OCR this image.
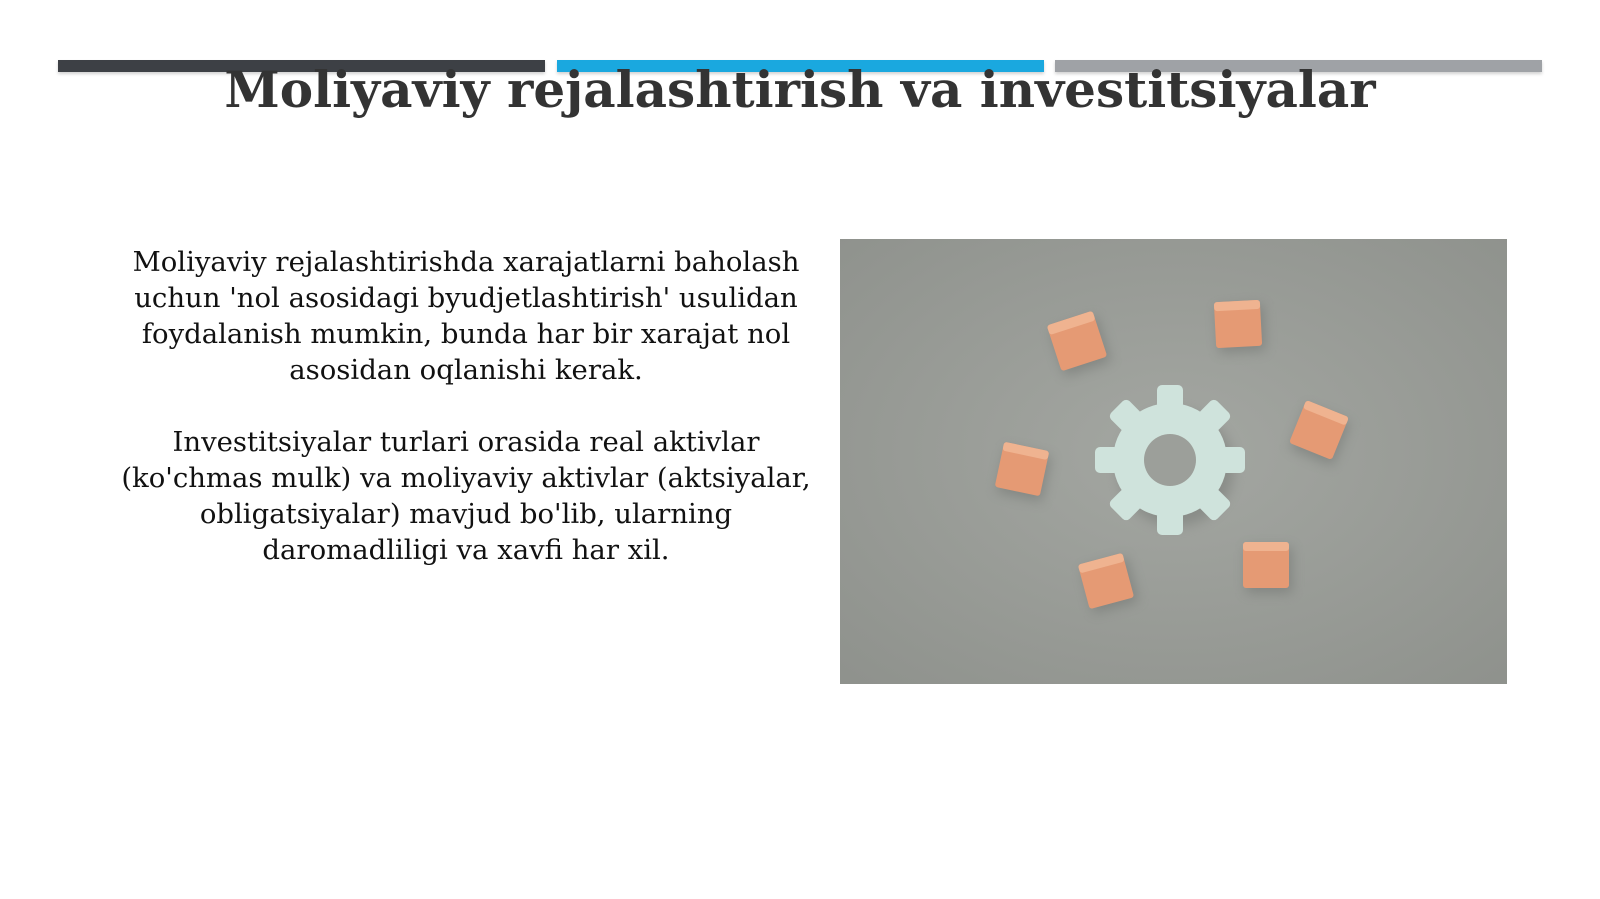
Moliyaviy rejalashtirish va investitsiyalar

Moliyaviy rejalashtirishda xarajatlarni baholash uchun 'nol asosidagi byudjetlashtirish' usulidan foydalanish mumkin, bunda har bir xarajat nol asosidan oqlanishi kerak.

Investitsiyalar turlari orasida real aktivlar (ko'chmas mulk) va moliyaviy aktivlar (aktsiyalar, obligatsiyalar) mavjud bo'lib, ularning daromadliligi va xavfi har xil.
